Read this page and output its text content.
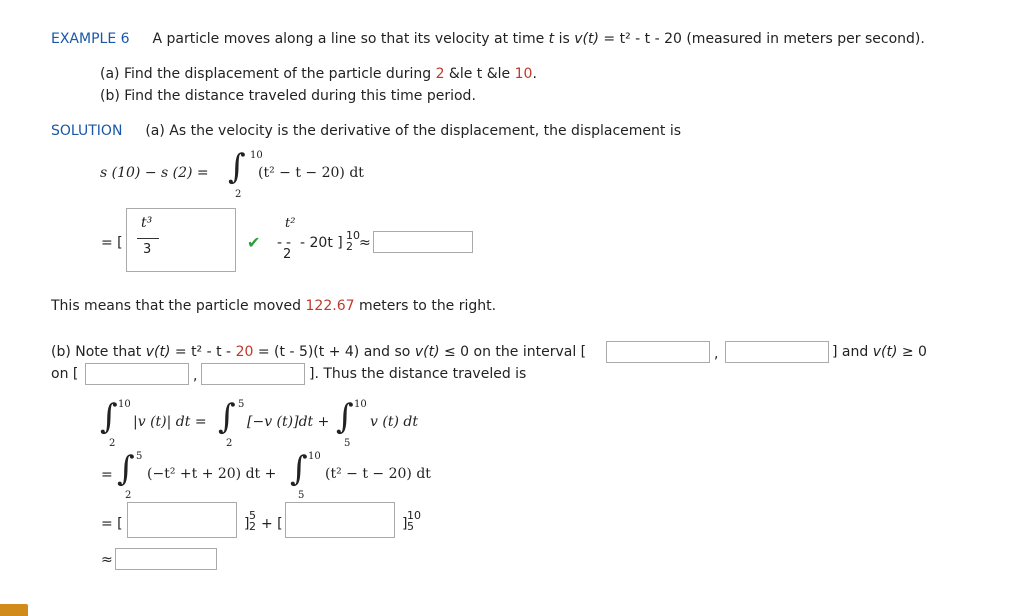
EXAMPLE 6 A particle moves along a line so that its velocity at time t is v(t) = t² - t - 20 (measured in meters per second).
(a) Find the displacement of the particle during 2 &le t &le 10.
(b) Find the distance traveled during this time period.
SOLUTION (a) As the velocity is the derivative of the displacement, the displacement is
s (10) − s (2) = ∫ 10
2
(t² − t − 20) dt
= [
t³
3	✔ -
t²
2
- - 20t ] 10
2 ≈
This means that the particle moved 122.67 meters to the right.
(b) Note that v(t) = t² - t - 20 = (t - 5)(t + 4) and so v(t) ≤ 0 on the interval [	,	] and v(t) ≥ 0
on [	,	]. Thus the distance traveled is
∫ 10
2
|v (t)| dt = ∫ 5
2
[−v (t)]dt + ∫ 10
5
v (t) dt
= ∫ 5
2
(−t² +t + 20) dt + ∫ 10
5
(t² − t − 20) dt
= [	]
5
2 + [	]
10
5
≈
